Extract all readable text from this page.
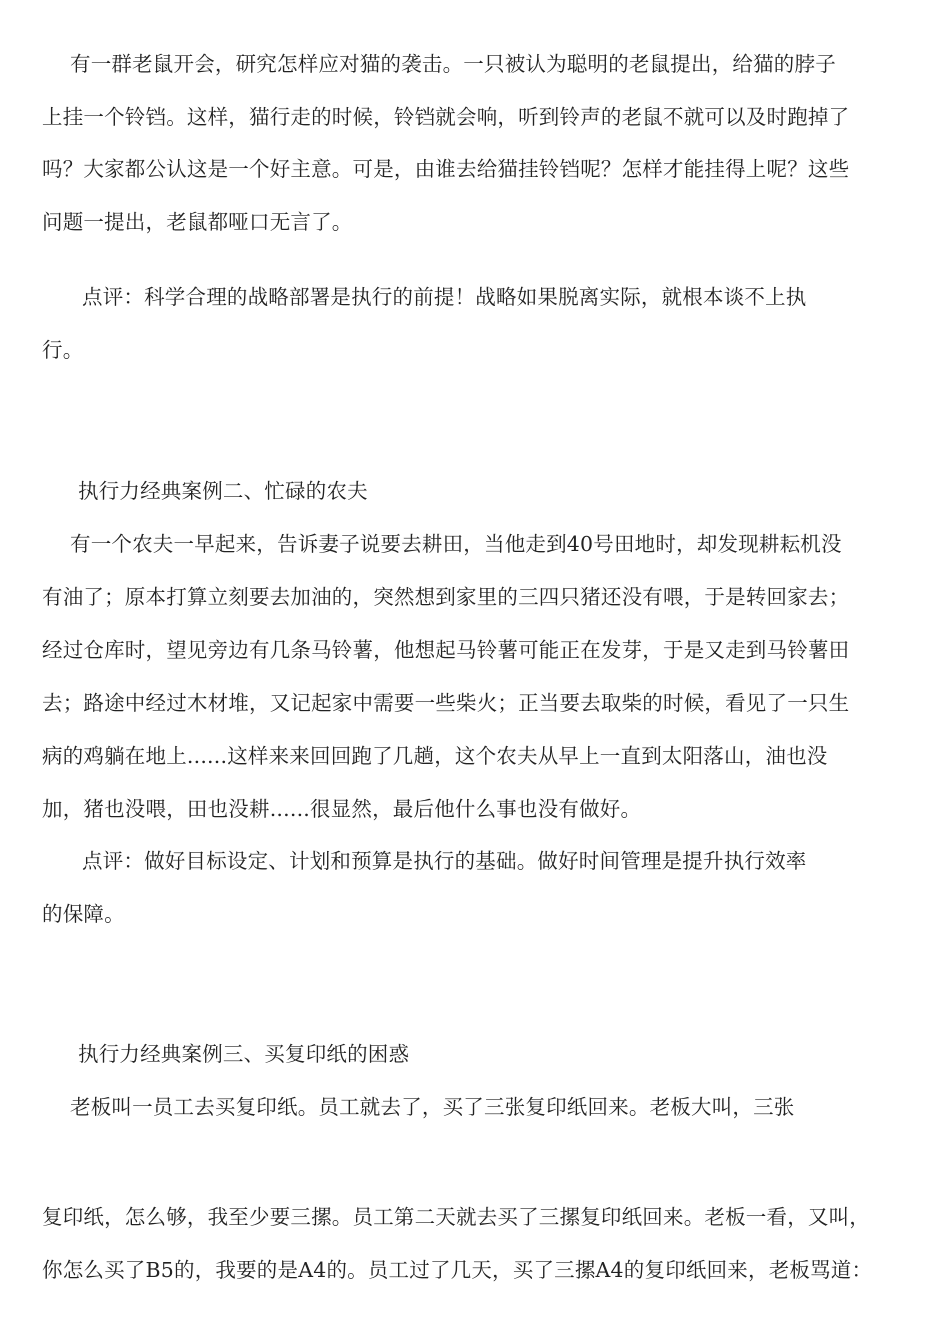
有一群老鼠开会，研究怎样应对猫的袭击。一只被认为聪明的老鼠提出，给猫的脖子
上挂一个铃铛。这样，猫行走的时候，铃铛就会响，听到铃声的老鼠不就可以及时跑掉了
吗？大家都公认这是一个好主意。可是，由谁去给猫挂铃铛呢？怎样才能挂得上呢？这些
问题一提出，老鼠都哑口无言了。
点评：科学合理的战略部署是执行的前提！战略如果脱离实际，就根本谈不上执
行。
执行力经典案例二、忙碌的农夫
有一个农夫一早起来，告诉妻子说要去耕田，当他走到40号田地时，却发现耕耘机没
有油了；原本打算立刻要去加油的，突然想到家里的三四只猪还没有喂，于是转回家去；
经过仓库时，望见旁边有几条马铃薯，他想起马铃薯可能正在发芽，于是又走到马铃薯田
去；路途中经过木材堆，又记起家中需要一些柴火；正当要去取柴的时候，看见了一只生
病的鸡躺在地上......这样来来回回跑了几趟，这个农夫从早上一直到太阳落山，油也没
加，猪也没喂，田也没耕......很显然，最后他什么事也没有做好。
点评：做好目标设定、计划和预算是执行的基础。做好时间管理是提升执行效率
的保障。
执行力经典案例三、买复印纸的困惑
老板叫一员工去买复印纸。员工就去了，买了三张复印纸回来。老板大叫，三张
复印纸，怎么够，我至少要三摞。员工第二天就去买了三摞复印纸回来。老板一看，又叫，
你怎么买了B5的，我要的是A4的。员工过了几天，买了三摞A4的复印纸回来，老板骂道：
